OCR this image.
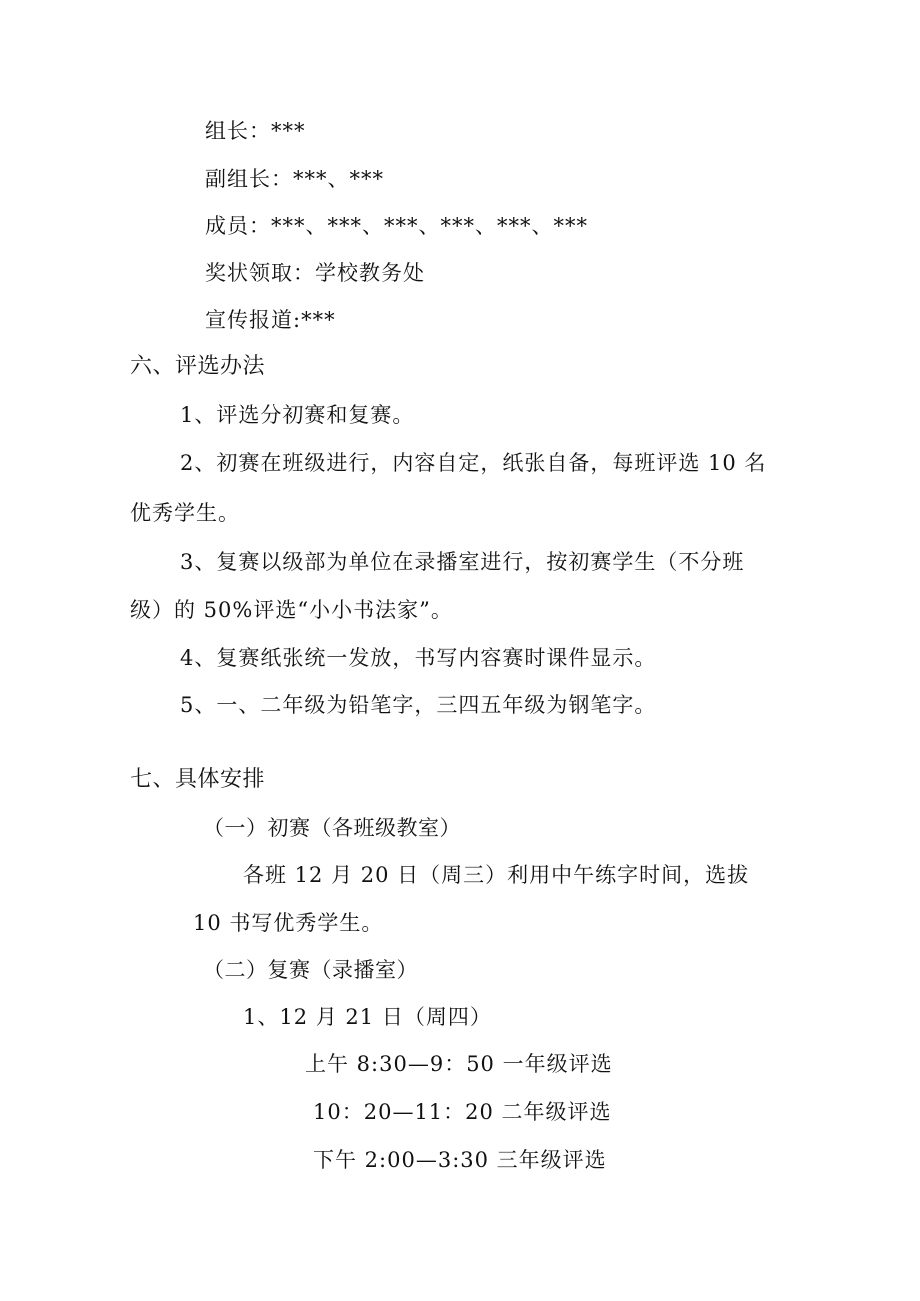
组长：***
副组长：***、***
成员：***、***、***、***、***、***
奖状领取：学校教务处
宣传报道:***
六、评选办法
1、评选分初赛和复赛。
2、初赛在班级进行，内容自定，纸张自备，每班评选 10 名
优秀学生。
3、复赛以级部为单位在录播室进行，按初赛学生（不分班
级）的 50%评选“小小书法家”。
4、复赛纸张统一发放，书写内容赛时课件显示。
5、一、二年级为铅笔字，三四五年级为钢笔字。
七、具体安排
（一）初赛（各班级教室）
各班 12 月 20 日（周三）利用中午练字时间，选拔
10 书写优秀学生。
（二）复赛（录播室）
1、12 月 21 日（周四）
上午 8:30—9：50 一年级评选
10：20—11：20 二年级评选
下午 2:00—3:30 三年级评选
